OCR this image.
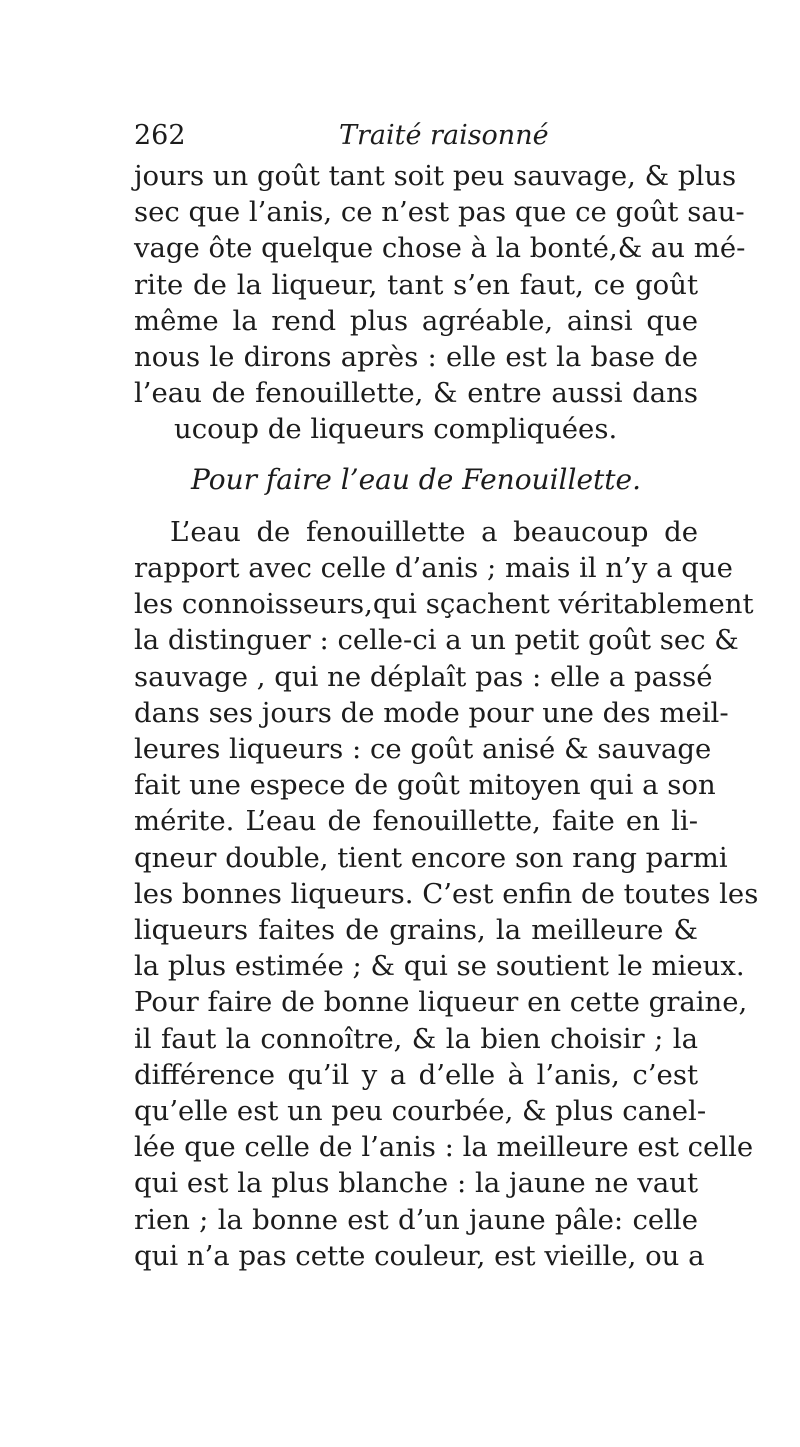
262	Traité raisonné
jours un goût tant soit peu sauvage, & plus
sec que l’anis, ce n’est pas que ce goût sau-
vage ôte quelque chose à la bonté,& au mé-
rite de la liqueur, tant s’en faut, ce goût
même la rend plus agréable, ainsi que
nous le dirons après : elle est la base de
l’eau de fenouillette, & entre aussi dans
ucoup de liqueurs compliquées.
Pour faire l’eau de Fenouillette.
L’eau de fenouillette a beaucoup de
rapport avec celle d’anis ; mais il n’y a que
les connoisseurs,qui sçachent véritablement
la distinguer : celle-ci a un petit goût sec &
sauvage , qui ne déplaît pas : elle a passé
dans ses jours de mode pour une des meil-
leures liqueurs : ce goût anisé & sauvage
fait une espece de goût mitoyen qui a son
mérite. L’eau de fenouillette, faite en li-
qneur double, tient encore son rang parmi
les bonnes liqueurs. C’est enfin de toutes les
liqueurs faites de grains, la meilleure &
la plus estimée ; & qui se soutient le mieux.
Pour faire de bonne liqueur en cette graine,
il faut la connoître, & la bien choisir ; la
différence qu’il y a d’elle à l’anis, c’est
qu’elle est un peu courbée, & plus canel-
lée que celle de l’anis : la meilleure est celle
qui est la plus blanche : la jaune ne vaut
rien ; la bonne est d’un jaune pâle: celle
qui n’a pas cette couleur, est vieille, ou a
